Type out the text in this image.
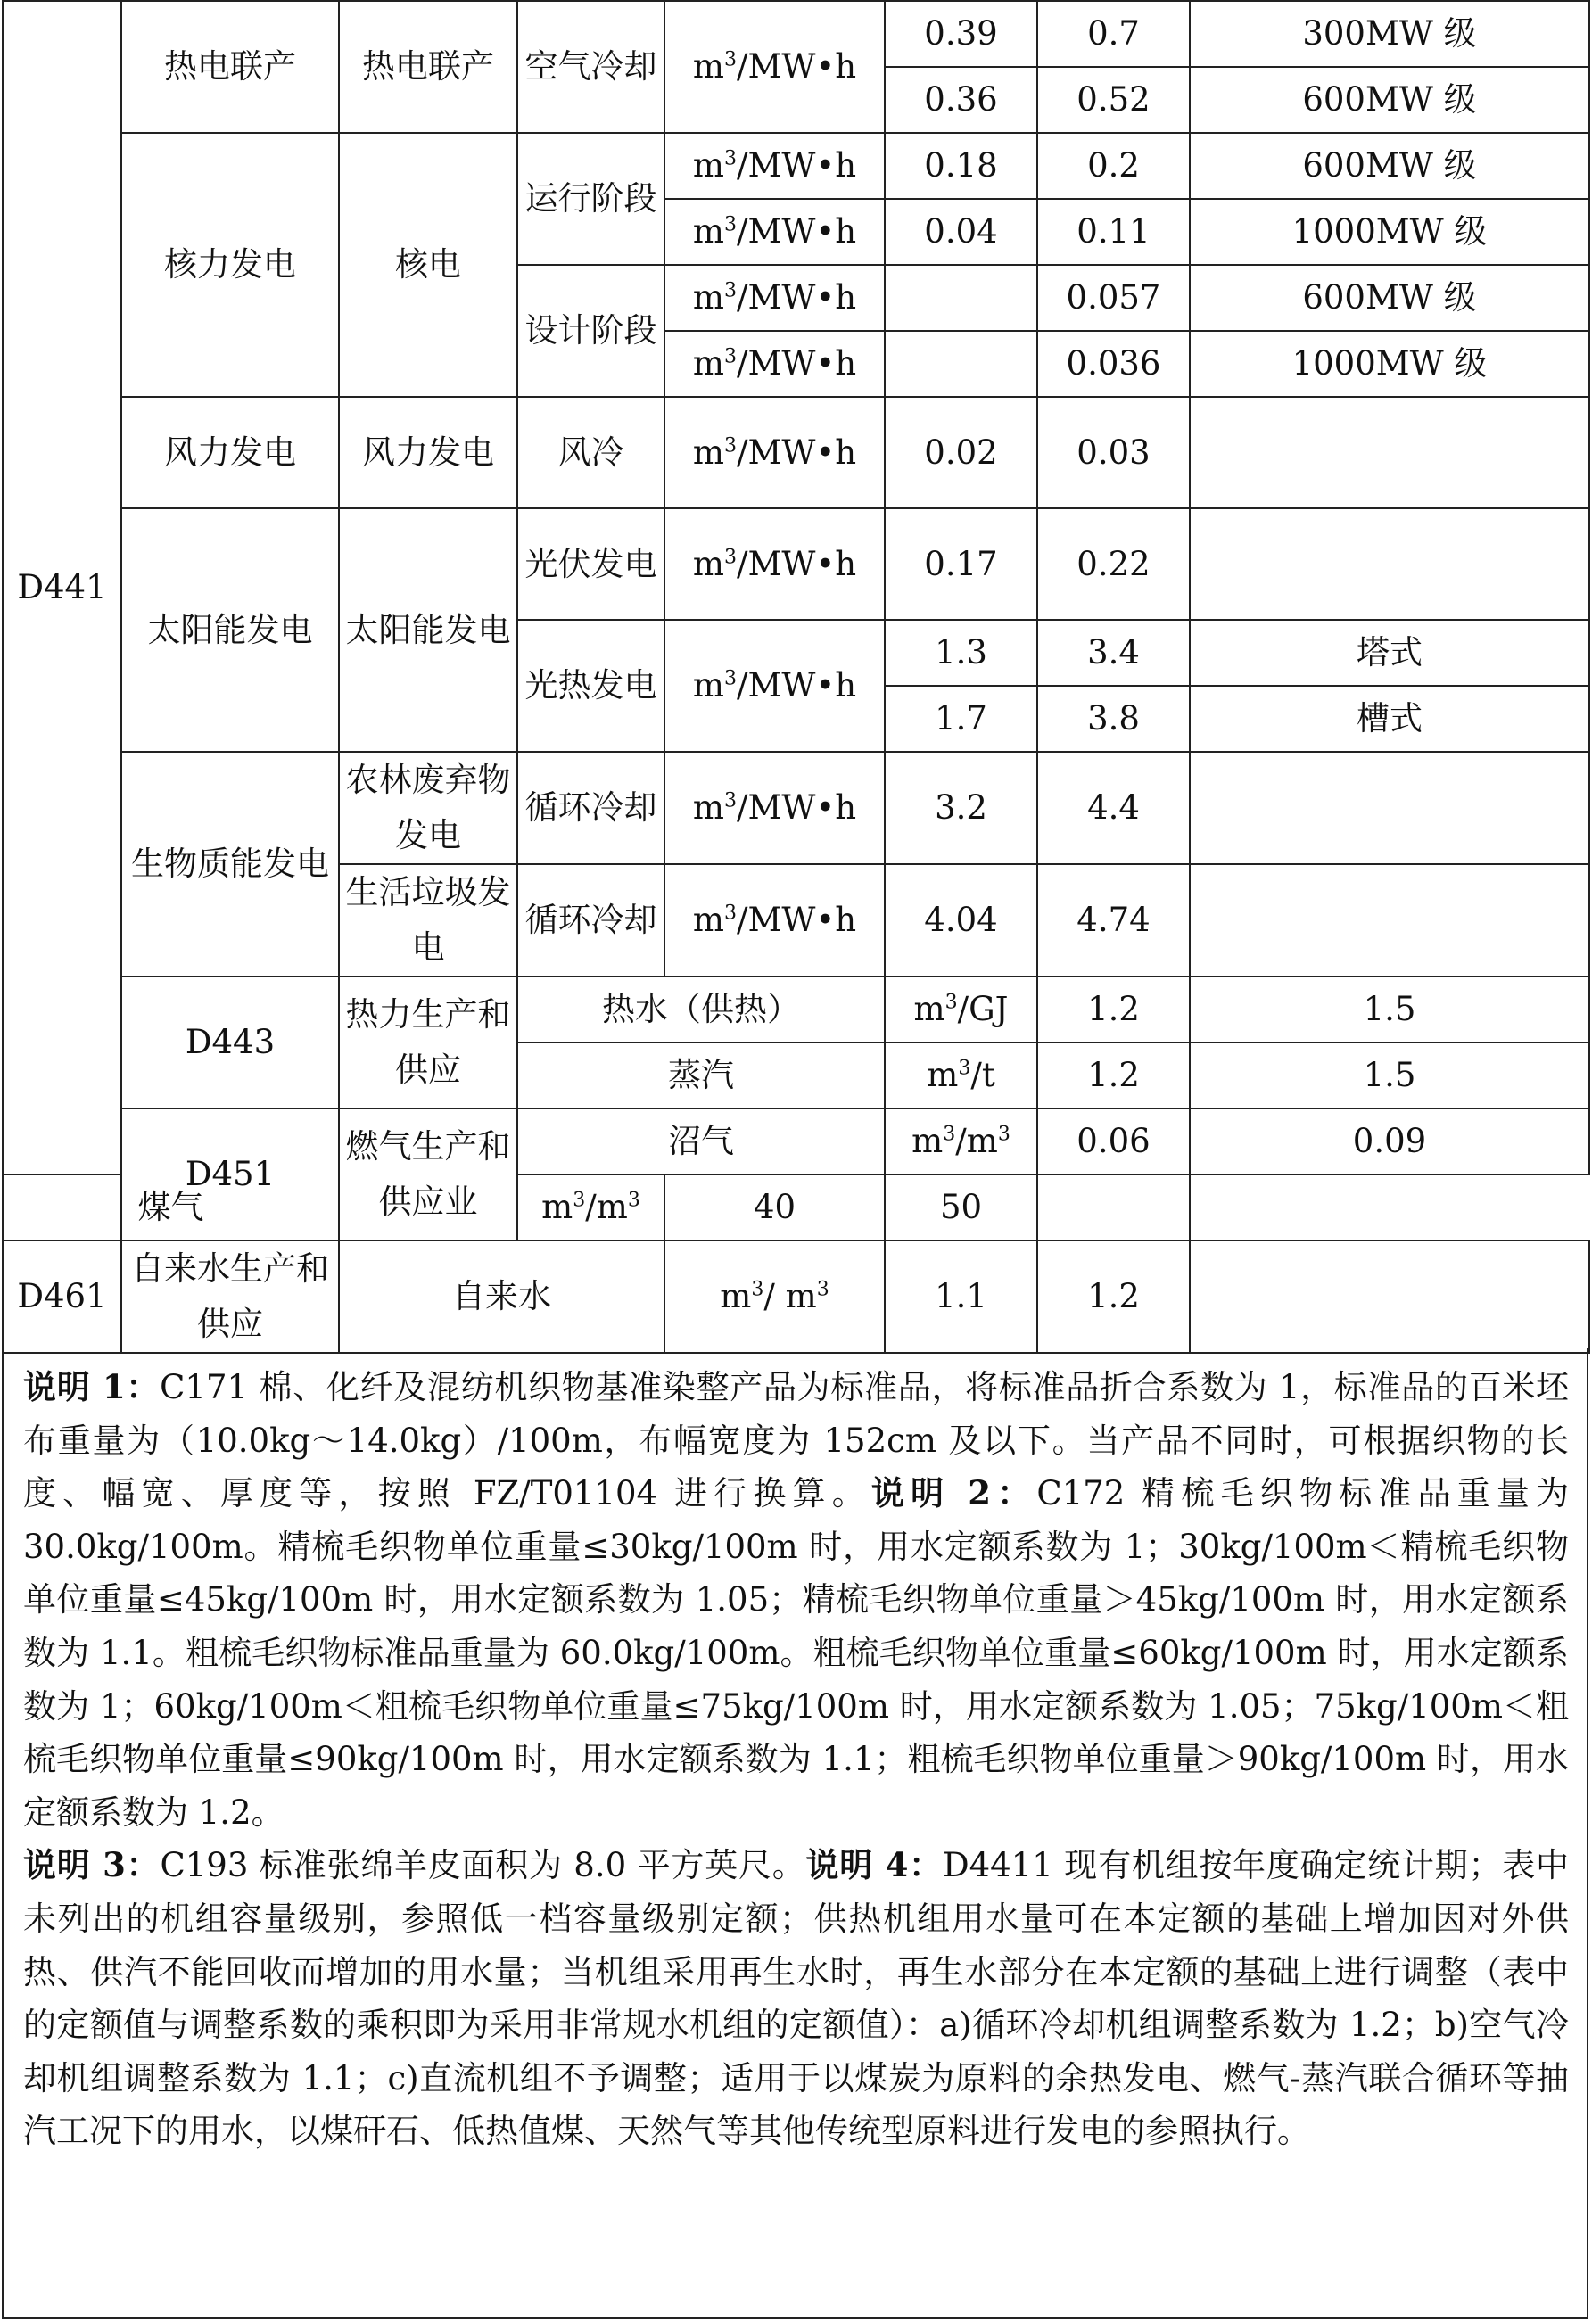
D441	热电联产	热电联产	空气冷却	$m^3/MW•h$	0.39	0.7	300MW 级	
					0.36	0.52	600MW 级	
	核力发电	核电	运行阶段	$m^3/MW•h$	0.18	0.2	600MW 级	
				$m^3/MW•h$	0.04	0.11	1000MW 级	
			设计阶段	$m^3/MW•h$		0.057	600MW 级	
				$m^3/MW•h$		0.036	1000MW 级	
	风力发电	风力发电	风冷	$m^3/MW•h$	0.02	0.03		
	太阳能发电	太阳能发电	光伏发电	$m^3/MW•h$	0.17	0.22		
			光热发电	$m^3/MW•h$	1.3	3.4	塔式	
					1.7	3.8	槽式	
	生物质能发电	农林废弃物发电	循环冷却	$m^3/MW•h$	3.2	4.4		
		生活垃圾发电	循环冷却	$m^3/MW•h$	4.04	4.74		
	D443	热力生产和供应	热水（供热）		$m^3/GJ$	1.2	1.5	
			蒸汽		$m^3/t$	1.2	1.5	
	D451	燃气生产和供应业	沼气		$m^3/m^3$	0.06	0.09	
煤气			$m^3/m^3$	40	50			
D461	自来水生产和供应	自来水		$m^3/$ $m^3$	1.1	1.2		
说明 1：C171 棉、化纤及混纺机织物基准染整产品为标准品，将标准品折合系数为 1，标准品的百米坯布重量为（10.0kg～14.0kg）/100m，布幅宽度为 152cm 及以下。当产品不同时，可根据织物的长度、幅宽、厚度等，按照 FZ/T01104 进行换算。说明 2：C172 精梳毛织物标准品重量为 30.0kg/100m。精梳毛织物单位重量≤30kg/100m 时，用水定额系数为 1；30kg/100m＜精梳毛织物单位重量≤45kg/100m 时，用水定额系数为 1.05；精梳毛织物单位重量＞45kg/100m 时，用水定额系数为 1.1。粗梳毛织物标准品重量为 60.0kg/100m。粗梳毛织物单位重量≤60kg/100m 时，用水定额系数为 1；60kg/100m＜粗梳毛织物单位重量≤75kg/100m 时，用水定额系数为 1.05；75kg/100m＜粗梳毛织物单位重量≤90kg/100m 时，用水定额系数为 1.1；粗梳毛织物单位重量＞90kg/100m 时，用水定额系数为 1.2。
说明 3：C193 标准张绵羊皮面积为 8.0 平方英尺。说明 4：D4411 现有机组按年度确定统计期；表中未列出的机组容量级别，参照低一档容量级别定额；供热机组用水量可在本定额的基础上增加因对外供热、供汽不能回收而增加的用水量；当机组采用再生水时，再生水部分在本定额的基础上进行调整（表中的定额值与调整系数的乘积即为采用非常规水机组的定额值）：a)循环冷却机组调整系数为 1.2；b)空气冷却机组调整系数为 1.1；c)直流机组不予调整；适用于以煤炭为原料的余热发电、燃气-蒸汽联合循环等抽汽工况下的用水，以煤矸石、低热值煤、天然气等其他传统型原料进行发电的参照执行。
